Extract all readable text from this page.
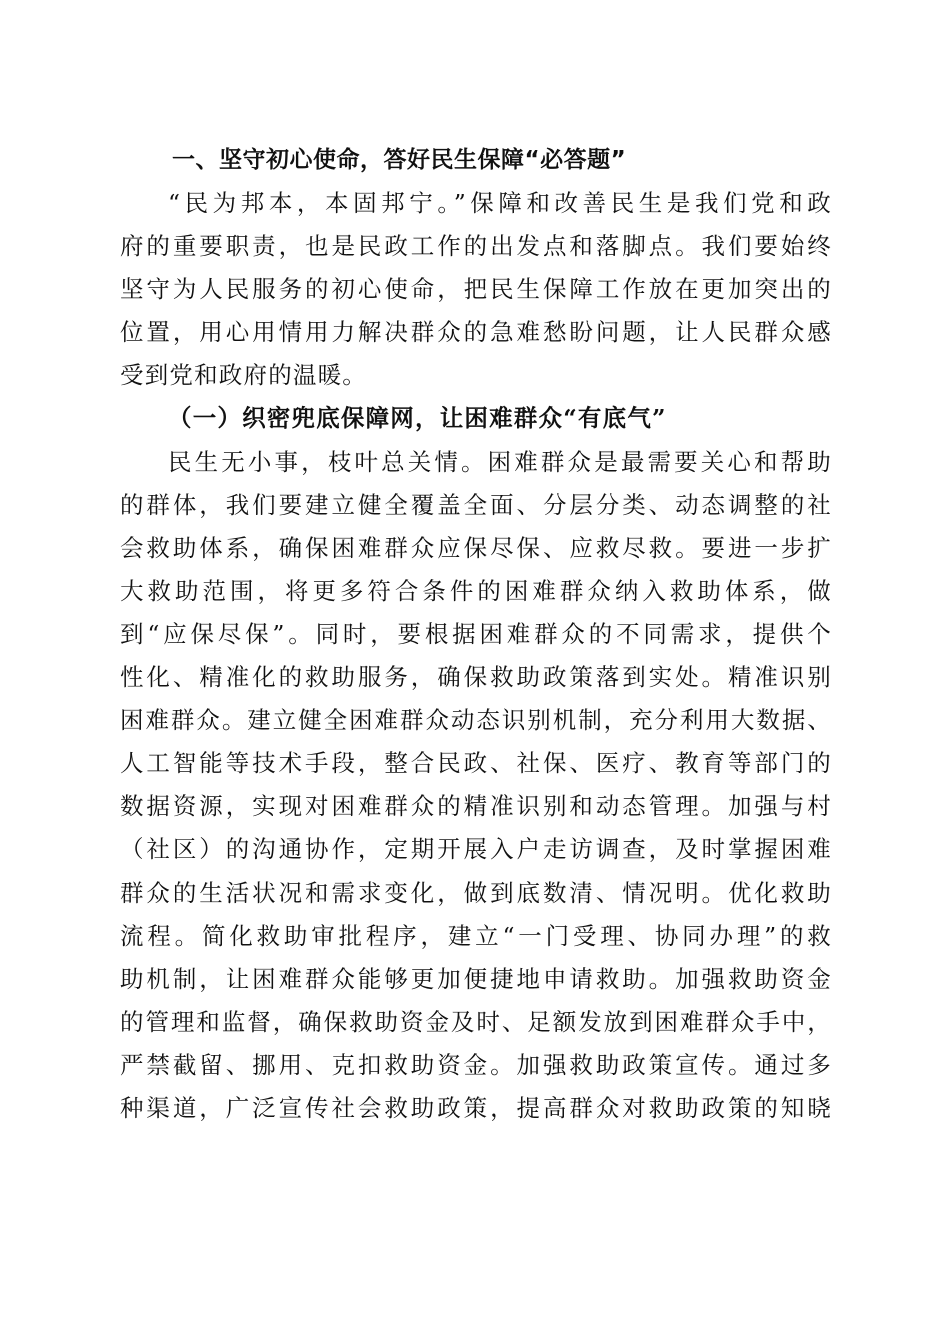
一、坚守初心使命，答好民生保障“必答题”
“民为邦本，本固邦宁。”保障和改善民生是我们党和政
府的重要职责，也是民政工作的出发点和落脚点。我们要始终
坚守为人民服务的初心使命，把民生保障工作放在更加突出的
位置，用心用情用力解决群众的急难愁盼问题，让人民群众感
受到党和政府的温暖。
（一）织密兜底保障网，让困难群众“有底气”
民生无小事，枝叶总关情。困难群众是最需要关心和帮助
的群体，我们要建立健全覆盖全面、分层分类、动态调整的社
会救助体系，确保困难群众应保尽保、应救尽救。要进一步扩
大救助范围，将更多符合条件的困难群众纳入救助体系，做
到“应保尽保”。同时，要根据困难群众的不同需求，提供个
性化、精准化的救助服务，确保救助政策落到实处。精准识别
困难群众。建立健全困难群众动态识别机制，充分利用大数据、
人工智能等技术手段，整合民政、社保、医疗、教育等部门的
数据资源，实现对困难群众的精准识别和动态管理。加强与村
（社区）的沟通协作，定期开展入户走访调查，及时掌握困难
群众的生活状况和需求变化，做到底数清、情况明。优化救助
流程。简化救助审批程序，建立“一门受理、协同办理”的救
助机制，让困难群众能够更加便捷地申请救助。加强救助资金
的管理和监督，确保救助资金及时、足额发放到困难群众手中，
严禁截留、挪用、克扣救助资金。加强救助政策宣传。通过多
种渠道，广泛宣传社会救助政策，提高群众对救助政策的知晓
